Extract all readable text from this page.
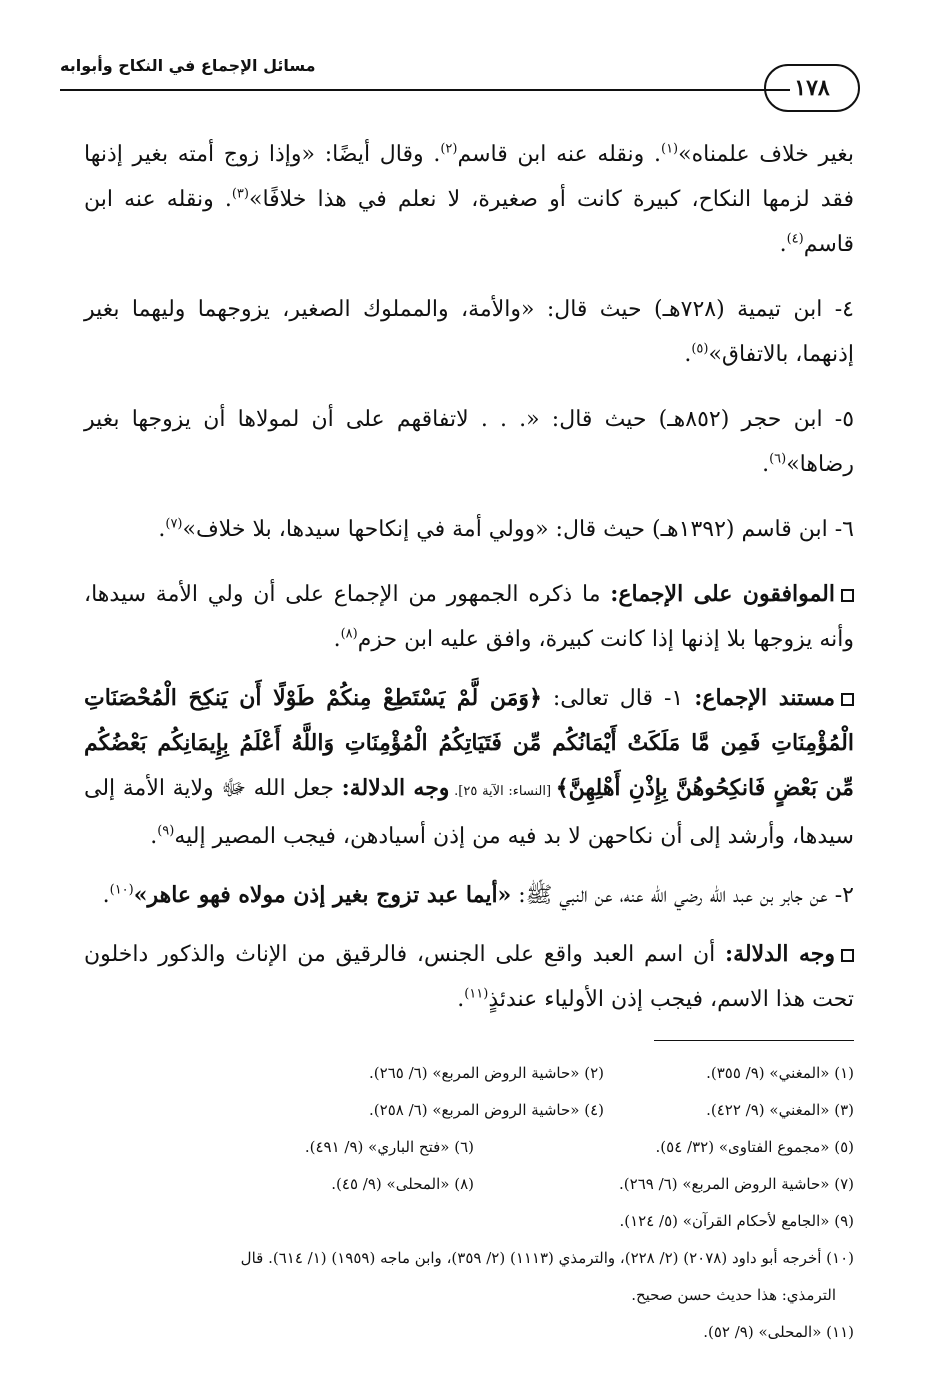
١٧٨
مسائل الإجماع في النكاح وأبوابه

بغير خلاف علمناه»$^{(١)}$. ونقله عنه ابن قاسم$^{(٢)}$. وقال أيضًا: «وإذا زوج أمته بغير إذنها فقد لزمها النكاح، كبيرة كانت أو صغيرة، لا نعلم في هذا خلافًا»$^{(٣)}$. ونقله عنه ابن قاسم$^{(٤)}$.

٤- ابن تيمية (٧٢٨هـ) حيث قال: «والأمة، والمملوك الصغير، يزوجهما وليهما بغير إذنهما، بالاتفاق»$^{(٥)}$.

٥- ابن حجر (٨٥٢هـ) حيث قال: «. . . لاتفاقهم على أن لمولاها أن يزوجها بغير رضاها»$^{(٦)}$.

٦- ابن قاسم (١٣٩٢هـ) حيث قال: «وولي أمة في إنكاحها سيدها، بلا خلاف»$^{(٧)}$.

الموافقون على الإجماع: ما ذكره الجمهور من الإجماع على أن ولي الأمة سيدها، وأنه يزوجها بلا إذنها إذا كانت كبيرة، وافق عليه ابن حزم$^{(٨)}$.

مستند الإجماع: ١- قال تعالى: ﴿وَمَن لَّمْ يَسْتَطِعْ مِنكُمْ طَوْلًا أَن يَنكِحَ الْمُحْصَنَاتِ الْمُؤْمِنَاتِ فَمِن مَّا مَلَكَتْ أَيْمَانُكُم مِّن فَتَيَاتِكُمُ الْمُؤْمِنَاتِ وَاللَّهُ أَعْلَمُ بِإِيمَانِكُم بَعْضُكُم مِّن بَعْضٍ فَانكِحُوهُنَّ بِإِذْنِ أَهْلِهِنَّ﴾ [النساء: الآية ٢٥]. وجه الدلالة: جعل الله ﷻ ولاية الأمة إلى سيدها، وأرشد إلى أن نكاحهن لا بد فيه من إذن أسيادهن، فيجب المصير إليه$^{(٩)}$.

٢- عن جابر بن عبد الله رضي الله عنه، عن النبي ﷺ: «أيما عبد تزوج بغير إذن مولاه فهو عاهر»$^{(١٠)}$.

وجه الدلالة: أن اسم العبد واقع على الجنس، فالرقيق من الإناث والذكور داخلون تحت هذا الاسم، فيجب إذن الأولياء عندئذٍ$^{(١١)}$.

(١) «المغني» (٩/ ٣٥٥).
(٢) «حاشية الروض المربع» (٦/ ٢٦٥).
(٣) «المغني» (٩/ ٤٢٢).
(٤) «حاشية الروض المربع» (٦/ ٢٥٨).
(٥) «مجموع الفتاوى» (٣٢/ ٥٤).
(٦) «فتح الباري» (٩/ ٤٩١).
(٧) «حاشية الروض المربع» (٦/ ٢٦٩).
(٨) «المحلى» (٩/ ٤٥).
(٩) «الجامع لأحكام القرآن» (٥/ ١٢٤).
(١٠) أخرجه أبو داود (٢٠٧٨) (٢/ ٢٢٨)، والترمذي (١١١٣) (٢/ ٣٥٩)، وابن ماجه (١٩٥٩) (١/ ٦١٤). قال
الترمذي: هذا حديث حسن صحيح.
(١١) «المحلى» (٩/ ٥٢).
